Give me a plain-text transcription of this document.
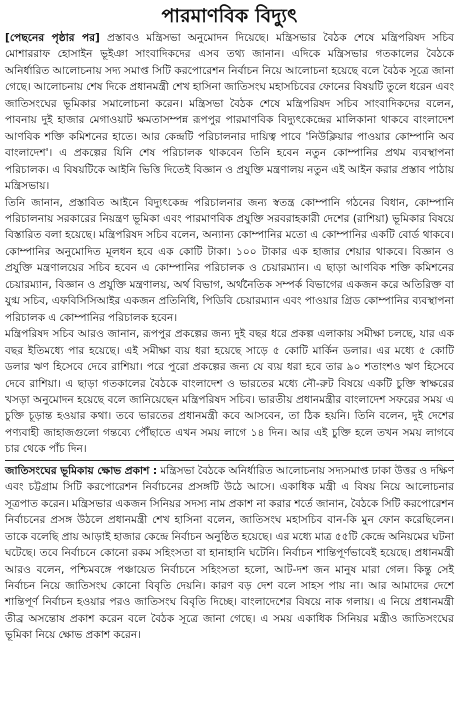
পারমাণবিক বিদ্যুৎ

[পেছনের পৃষ্ঠার পর] প্রস্তাবও মন্ত্রিসভা অনুমোদন দিয়েছে। মন্ত্রিসভার বৈঠক শেষে মন্ত্রিপরিষদ সচিব মোশাররাফ হোসাইন ভূইঞা সাংবাদিকদের এসব তথ্য জানান। এদিকে মন্ত্রিসভার গতকালের বৈঠকে অনির্ধারিত আলোচনায় সদ্য সমাপ্ত সিটি করপোরেশন নির্বাচন নিয়ে আলোচনা হয়েছে বলে বৈঠক সূত্রে জানা গেছে। আলোচনায় শেষ দিকে প্রধানমন্ত্রী শেখ হাসিনা জাতিসংঘ মহাসচিবের ফোনের বিষয়টি তুলে ধরেন এবং জাতিসংঘের ভূমিকার সমালোচনা করেন। মন্ত্রিসভা বৈঠক শেষে মন্ত্রিপরিষদ সচিব সাংবাদিকদের বলেন, পাবনায় দুই হাজার মেগাওয়াট ক্ষমতাসম্পন্ন রূপপুর পারমাণবিক বিদ্যুৎকেন্দ্রের মালিকানা থাকবে বাংলাদেশ আণবিক শক্তি কমিশনের হাতে। আর কেন্দ্রটি পরিচালনার দায়িত্ব পাবে 'নিউক্লিয়ার পাওয়ার কোম্পানি অব বাংলাদেশ'। এ প্রকল্পের যিনি শেষ পরিচালক থাকবেন তিনি হবেন নতুন কোম্পানির প্রথম ব্যবস্থাপনা পরিচালক। এ বিষয়টিকে আইনি ভিত্তি দিতেই বিজ্ঞান ও প্রযুক্তি মন্ত্রণালয় নতুন এই আইন করার প্রস্তাব পাঠায় মন্ত্রিসভায়।

তিনি জানান, প্রস্তাবিত আইনে বিদ্যুৎকেন্দ্র পরিচালনার জন্য স্বতন্ত্র কোম্পানি গঠনের বিধান, কোম্পানি পরিচালনায় সরকারের নিয়ন্ত্রণ ভূমিকা এবং পারমাণবিক প্রযুক্তি সরবরাহকারী দেশের (রাশিয়া) ভূমিকার বিষয়ে বিস্তারিত বলা হয়েছে। মন্ত্রিপরিষদ সচিব বলেন, অন্যান্য কোম্পানির মতো এ কোম্পানির একটি বোর্ড থাকবে। কোম্পানির অনুমোদিত মূলধন হবে এক কোটি টাকা। ১০০ টাকার এক হাজার শেয়ার থাকবে। বিজ্ঞান ও প্রযুক্তি মন্ত্রণালয়ের সচিব হবেন এ কোম্পানির পরিচালক ও চেয়ারম্যান। এ ছাড়া আণবিক শক্তি কমিশনের চেয়ারম্যান, বিজ্ঞান ও প্রযুক্তি মন্ত্রণালয়, অর্থ বিভাগ, অর্থনৈতিক সম্পর্ক বিভাগের একজন করে অতিরিক্ত বা যুগ্ম সচিব, এফবিসিসিআইর একজন প্রতিনিধি, পিডিবি চেয়ারম্যান এবং পাওয়ার গ্রিড কোম্পানির ব্যবস্থাপনা পরিচালক এ কোম্পানির পরিচালক হবেন।

মন্ত্রিপরিষদ সচিব আরও জানান, রূপপুর প্রকল্পের জন্য দুই বছর ধরে প্রকল্প এলাকায় সমীক্ষা চলছে, যার এক বছর ইতিমধ্যে পার হয়েছে। এই সমীক্ষা ব্যয় ধরা হয়েছে সাড়ে ৫ কোটি মার্কিন ডলার। এর মধ্যে ৫ কোটি ডলার ঋণ হিসেবে দেবে রাশিয়া। পরে পুরো প্রকল্পের জন্য যে ব্যয় ধরা হবে তার ৯০ শতাংশও ঋণ হিসেবে দেবে রাশিয়া। এ ছাড়া গতকালের বৈঠকে বাংলাদেশ ও ভারতের মধ্যে নৌ-রুট বিষয়ে একটি চুক্তি স্বাক্ষরের খসড়া অনুমোদন হয়েছে বলে জানিয়েছেন মন্ত্রিপরিষদ সচিব। ভারতীয় প্রধানমন্ত্রীর বাংলাদেশ সফরের সময় এ চুক্তি চূড়ান্ত হওয়ার কথা। তবে ভারতের প্রধানমন্ত্রী কবে আসবেন, তা ঠিক হয়নি। তিনি বলেন, দুই দেশের পণ্যবাহী জাহাজগুলো গন্তব্যে পৌঁছাতে এখন সময় লাগে ১৪ দিন। আর এই চুক্তি হলে তখন সময় লাগবে চার থেকে পাঁচ দিন।

জাতিসংঘের ভূমিকায় ক্ষোভ প্রকাশ : মন্ত্রিসভা বৈঠকে অনির্ধারিত আলোচনায় সদ্যসমাপ্ত ঢাকা উত্তর ও দক্ষিণ এবং চট্টগ্রাম সিটি করপোরেশন নির্বাচনের প্রসঙ্গটি উঠে আসে। একাধিক মন্ত্রী এ বিষয় নিয়ে আলোচনার সূত্রপাত করেন। মন্ত্রিসভার একজন সিনিয়র সদস্য নাম প্রকাশ না করার শর্তে জানান, বৈঠকে সিটি করপোরেশন নির্বাচনের প্রসঙ্গ উঠলে প্রধানমন্ত্রী শেখ হাসিনা বলেন, জাতিসংঘ মহাসচিব বান-কি মুন ফোন করেছিলেন। তাকে বলেছি প্রায় আড়াই হাজার কেন্দ্রে নির্বাচন অনুষ্ঠিত হয়েছে। এর মধ্যে মাত্র ৫৫টি কেন্দ্রে অনিয়মের ঘটনা ঘটেছে। তবে নির্বাচনে কোনো রকম সহিংসতা বা হানাহানি ঘটেনি। নির্বাচন শান্তিপূর্ণভাবেই হয়েছে। প্রধানমন্ত্রী আরও বলেন, পশ্চিমবঙ্গে পঞ্চায়েত নির্বাচনে সহিংসতা হলো, আট-দশ জন মানুষ মারা গেল। কিন্তু সেই নির্বাচন নিয়ে জাতিসংঘ কোনো বিবৃতি দেয়নি। কারণ বড় দেশ বলে সাহস পায় না। আর আমাদের দেশে শান্তিপূর্ণ নির্বাচন হওয়ার পরও জাতিসংঘ বিবৃতি দিচ্ছে। বাংলাদেশের বিষয়ে নাক গলায়। এ নিয়ে প্রধানমন্ত্রী তীব্র অসন্তোষ প্রকাশ করেন বলে বৈঠক সূত্রে জানা গেছে। এ সময় একাধিক সিনিয়র মন্ত্রীও জাতিসংঘের ভূমিকা নিয়ে ক্ষোভ প্রকাশ করেন।
